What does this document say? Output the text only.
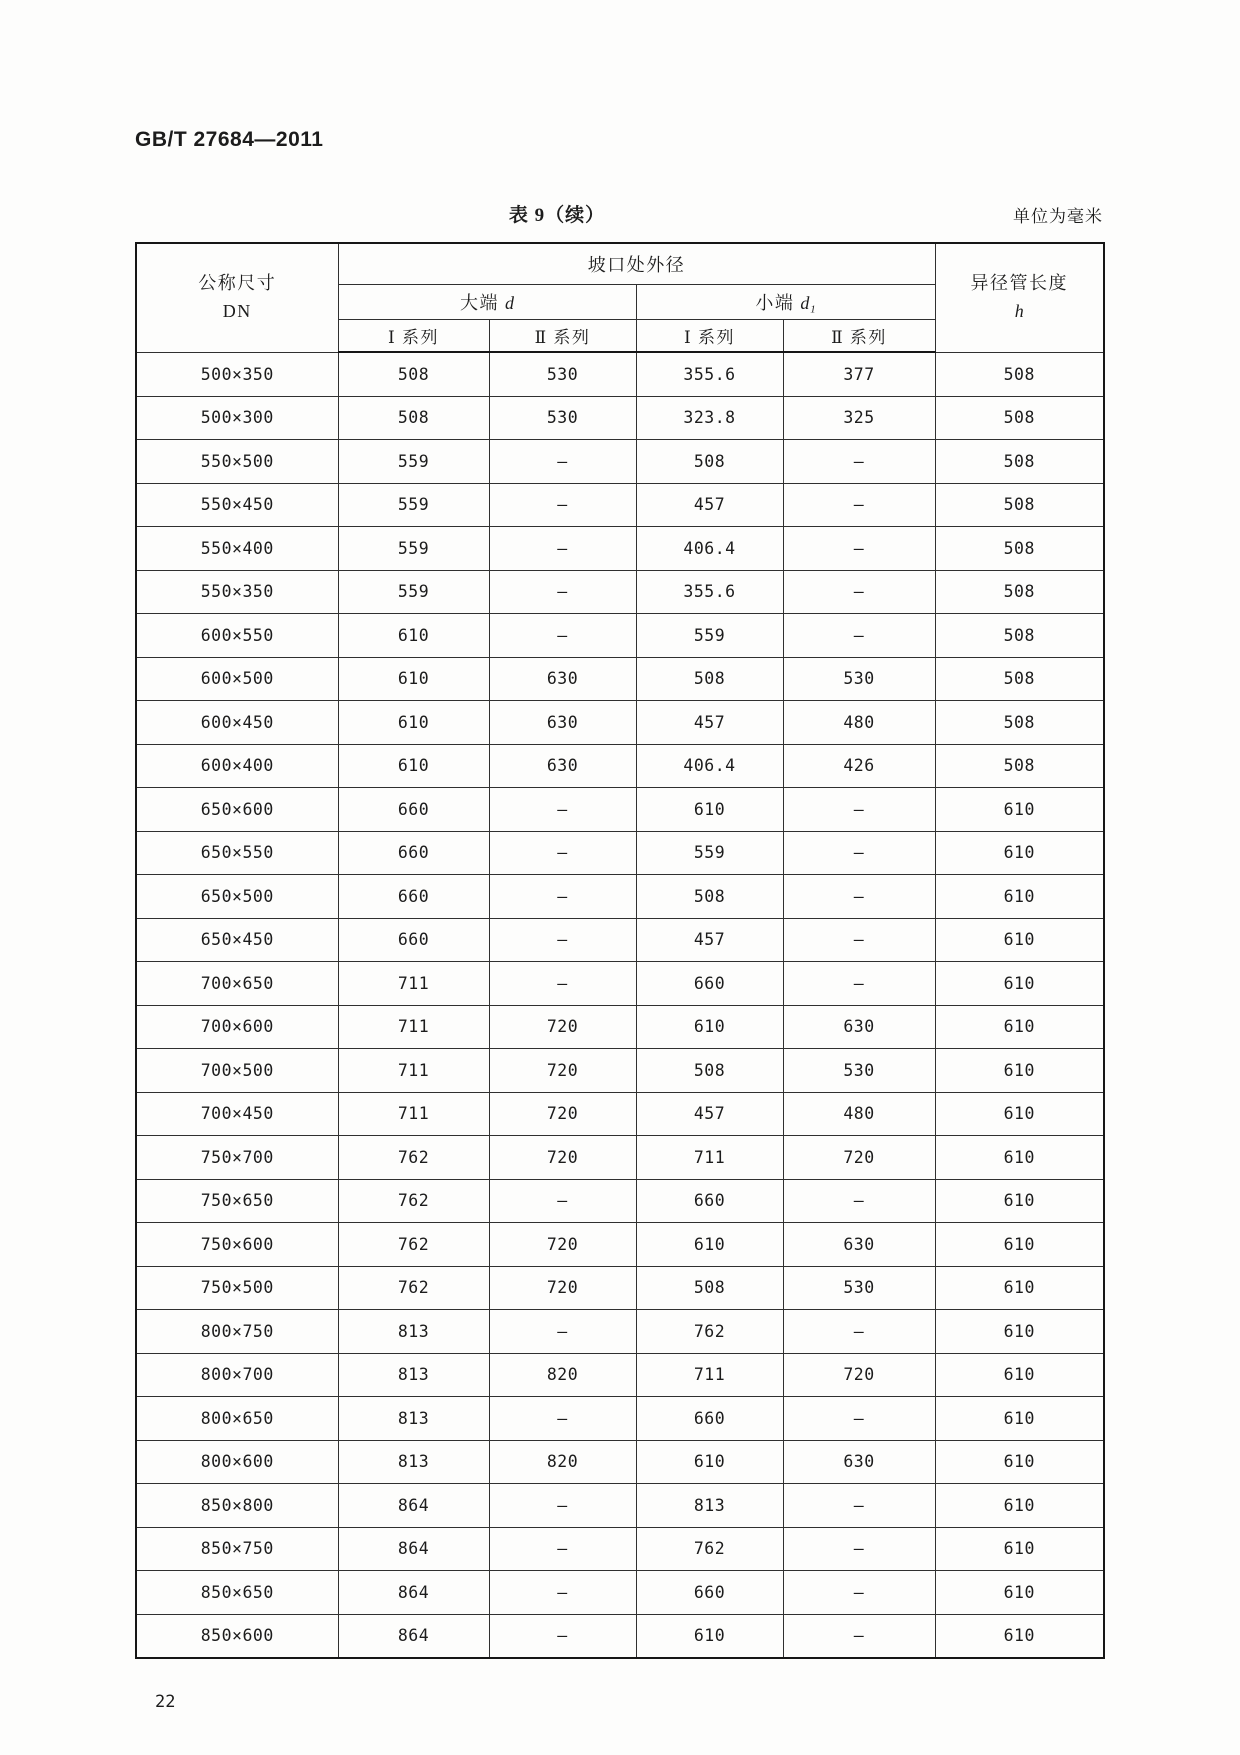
GB/T 27684—2011
表 9（续）	单位为毫米
公称尺寸
DN
	坡口处外径	
异径管长度
h

	大端 d		小端 d₁		
	Ⅰ 系列	Ⅱ 系列	Ⅰ 系列	Ⅱ 系列	
500×350	508	530	355.6	377	508
500×300	508	530	323.8	325	508
550×500	559	—	508	—	508
550×450	559	—	457	—	508
550×400	559	—	406.4	—	508
550×350	559	—	355.6	—	508
600×550	610	—	559	—	508
600×500	610	630	508	530	508
600×450	610	630	457	480	508
600×400	610	630	406.4	426	508
650×600	660	—	610	—	610
650×550	660	—	559	—	610
650×500	660	—	508	—	610
650×450	660	—	457	—	610
700×650	711	—	660	—	610
700×600	711	720	610	630	610
700×500	711	720	508	530	610
700×450	711	720	457	480	610
750×700	762	720	711	720	610
750×650	762	—	660	—	610
750×600	762	720	610	630	610
750×500	762	720	508	530	610
800×750	813	—	762	—	610
800×700	813	820	711	720	610
800×650	813	—	660	—	610
800×600	813	820	610	630	610
850×800	864	—	813	—	610
850×750	864	—	762	—	610
850×650	864	—	660	—	610
850×600	864	—	610	—	610
22
